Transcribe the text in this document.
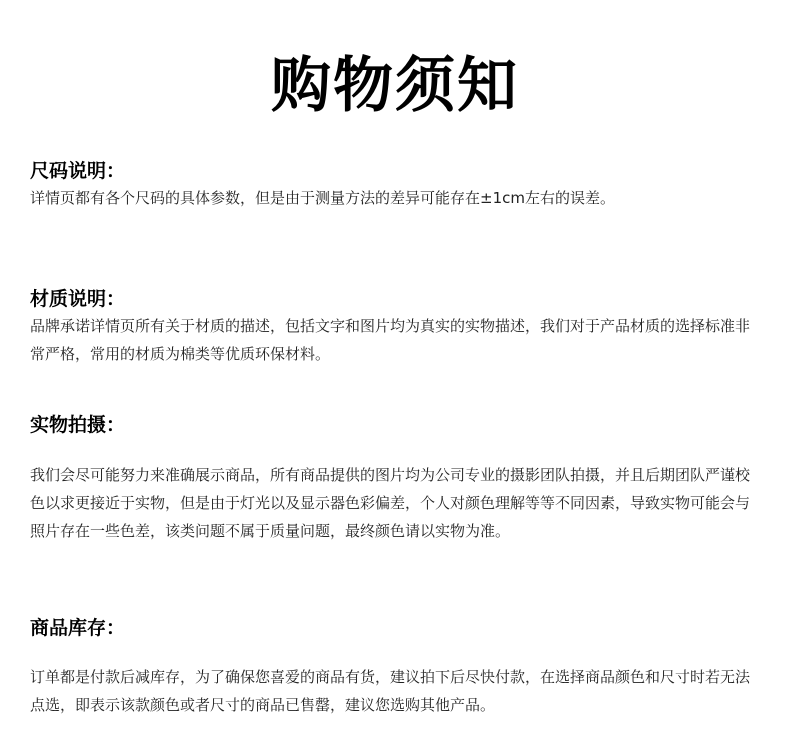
购物须知
尺码说明：

详情页都有各个尺码的具体参数，但是由于测量方法的差异可能存在±1cm左右的误差。

材质说明：

品牌承诺详情页所有关于材质的描述，包括文字和图片均为真实的实物描述，我们对于产品材质的选择标准非常严格，常用的材质为棉类等优质环保材料。

实物拍摄：

我们会尽可能努力来准确展示商品，所有商品提供的图片均为公司专业的摄影团队拍摄，并且后期团队严谨校色以求更接近于实物，但是由于灯光以及显示器色彩偏差，个人对颜色理解等等不同因素，导致实物可能会与照片存在一些色差，该类问题不属于质量问题，最终颜色请以实物为准。

商品库存：

订单都是付款后减库存，为了确保您喜爱的商品有货，建议拍下后尽快付款，在选择商品颜色和尺寸时若无法点选，即表示该款颜色或者尺寸的商品已售罄，建议您选购其他产品。
